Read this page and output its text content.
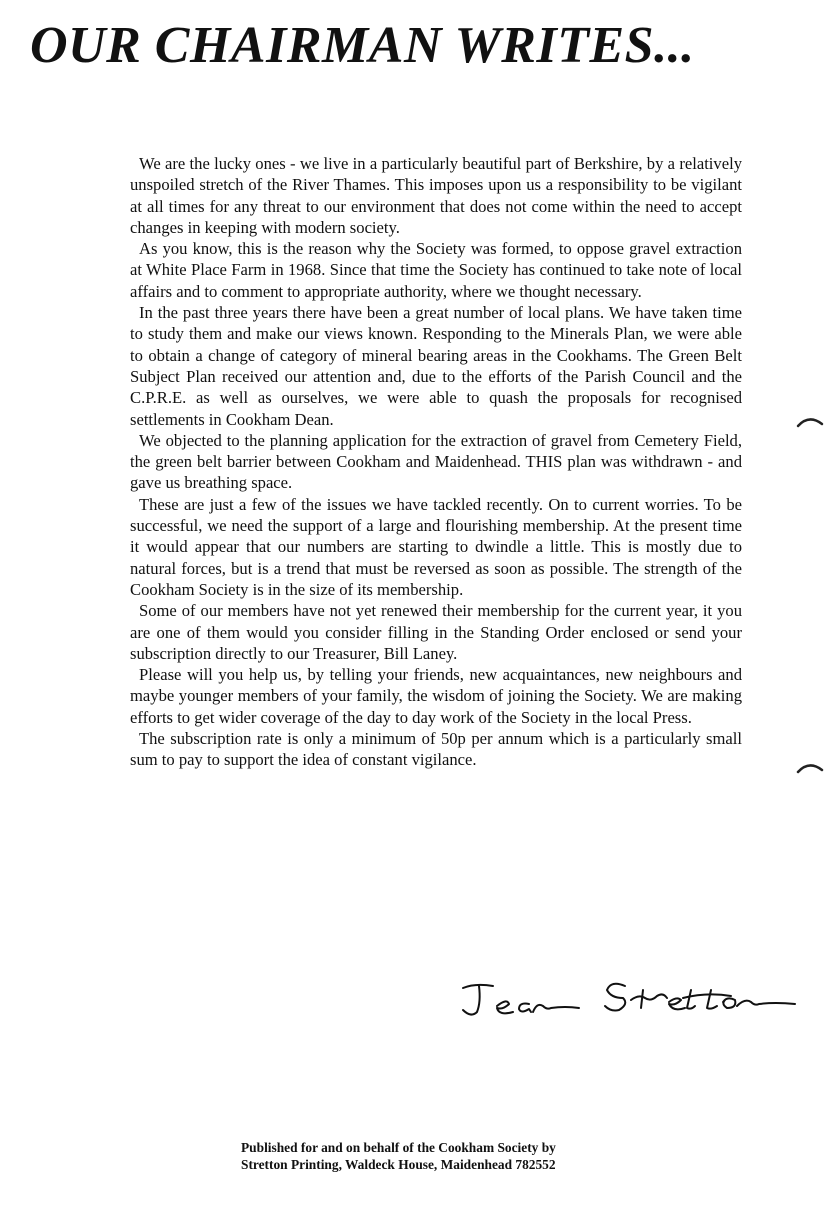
OUR CHAIRMAN WRITES...

We are the lucky ones - we live in a particularly beautiful part of Berkshire, by a relatively unspoiled stretch of the River Thames. This imposes upon us a responsibility to be vigilant at all times for any threat to our environment that does not come within the need to accept changes in keeping with modern society.

As you know, this is the reason why the Society was formed, to oppose gravel extraction at White Place Farm in 1968. Since that time the Society has continued to take note of local affairs and to comment to appropriate authority, where we thought necessary.

In the past three years there have been a great number of local plans. We have taken time to study them and make our views known. Responding to the Minerals Plan, we were able to obtain a change of category of mineral bearing areas in the Cookhams. The Green Belt Subject Plan received our attention and, due to the efforts of the Parish Council and the C.P.R.E. as well as ourselves, we were able to quash the proposals for recognised settlements in Cookham Dean.

We objected to the planning application for the extraction of gravel from Cemetery Field, the green belt barrier between Cookham and Maidenhead. THIS plan was withdrawn - and gave us breathing space.

These are just a few of the issues we have tackled recently. On to current worries. To be successful, we need the support of a large and flourishing membership. At the present time it would appear that our numbers are starting to dwindle a little. This is mostly due to natural forces, but is a trend that must be reversed as soon as possible. The strength of the Cookham Society is in the size of its membership.

Some of our members have not yet renewed their membership for the current year, it you are one of them would you consider filling in the Standing Order enclosed or send your subscription directly to our Treasurer, Bill Laney.

Please will you help us, by telling your friends, new acquaintances, new neighbours and maybe younger members of your family, the wisdom of joining the Society. We are making efforts to get wider coverage of the day to day work of the Society in the local Press.

The subscription rate is only a minimum of 50p per annum which is a particularly small sum to pay to support the idea of constant vigilance.

Published for and on behalf of the Cookham Society by
Stretton Printing, Waldeck House, Maidenhead 782552
